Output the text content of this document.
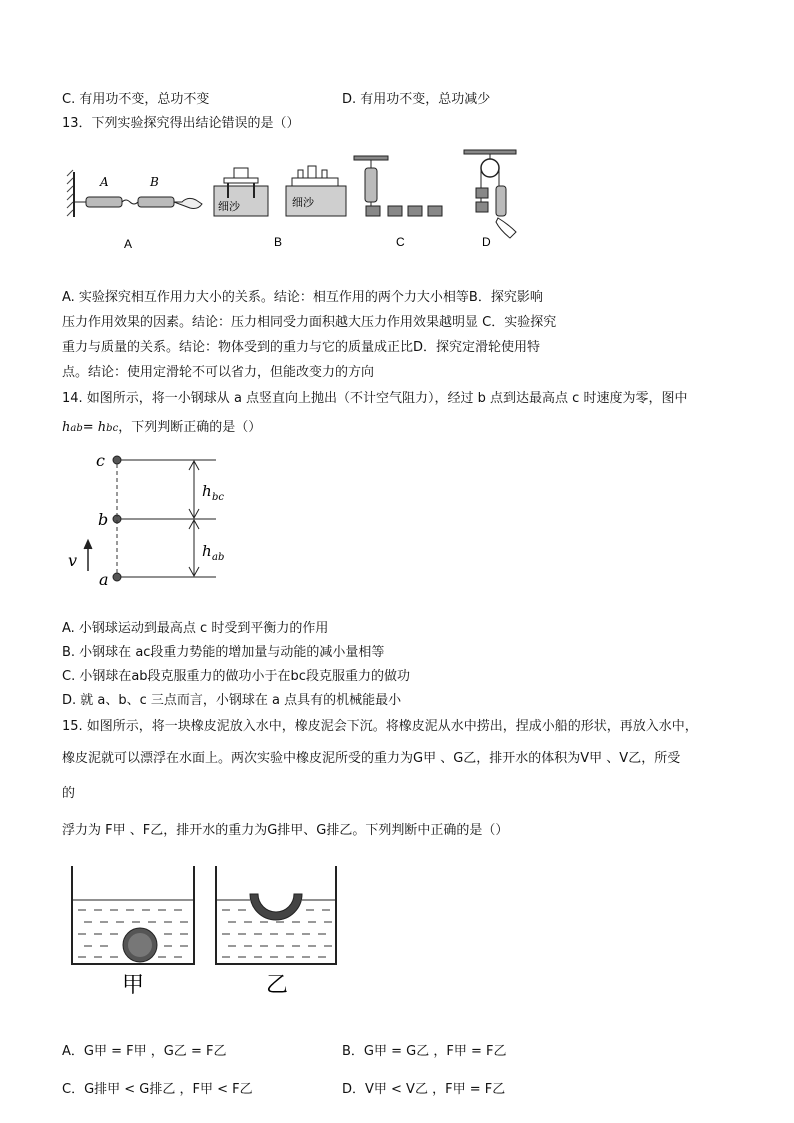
C. 有用功不变，总功不变	D. 有用功不变，总功减少
13．下列实验探究得出结论错误的是（）
A	B
A
细沙	细沙
B	C	D
A. 实验探究相互作用力大小的关系。结论：相互作用的两个力大小相等B．探究影响
压力作用效果的因素。结论：压力相同受力面积越大压力作用效果越明显 C．实验探究
重力与质量的关系。结论：物体受到的重力与它的质量成正比D．探究定滑轮使用特
点。结论：使用定滑轮不可以省力，但能改变力的方向
14. 如图所示，将一小钢球从 a 点竖直向上抛出（不计空气阻力），经过 b 点到达最高点 c 时速度为零，图中
hab= hbc，下列判断正确的是（）
c
b
a
v
h bc
h ab
A. 小钢球运动到最高点 c 时受到平衡力的作用
B. 小钢球在 ac段重力势能的增加量与动能的减小量相等
C. 小钢球在ab段克服重力的做功小于在bc段克服重力的做功
D. 就 a、b、c 三点而言，小钢球在 a 点具有的机械能最小
15. 如图所示，将一块橡皮泥放入水中，橡皮泥会下沉。将橡皮泥从水中捞出，捏成小船的形状，再放入水中，
橡皮泥就可以漂浮在水面上。两次实验中橡皮泥所受的重力为G甲 、G乙，排开水的体积为V甲 、V乙，所受
的
浮力为 F甲 、F乙，排开水的重力为G排甲、G排乙。下列判断中正确的是（）
甲	乙
A．G甲 = F甲 ，G乙 = F乙	B．G甲 = G乙 ，F甲 = F乙
C．G排甲 < G排乙 ，F甲 < F乙	D．V甲 < V乙 ，F甲 = F乙
